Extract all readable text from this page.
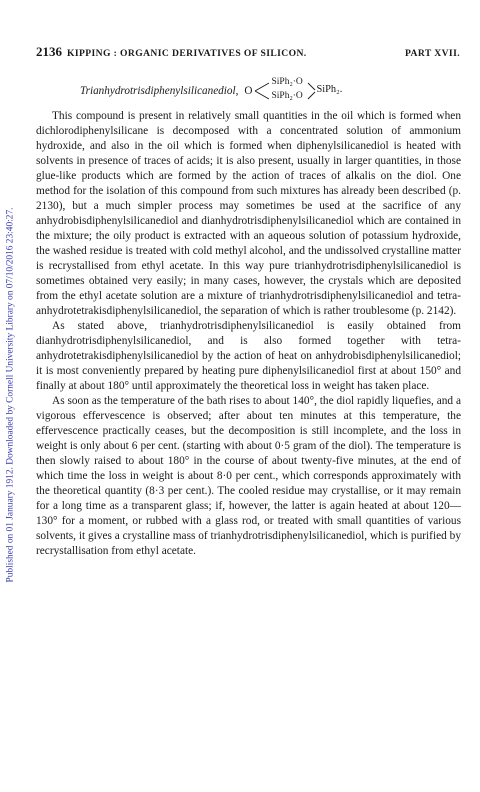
Published on 01 January 1912. Downloaded by Cornell University Library on 07/10/2016 23:40:27.
2136 KIPPING : ORGANIC DERIVATIVES OF SILICON.	PART XVII.
Trianhydrotrisdiphenylsilicanediol, O
SiPh₂·O
SiPh₂·O
SiPh₂.

This compound is present in relatively small quantities in the oil which is formed when dichlorodiphenylsilicane is decomposed with a concentrated solution of ammonium hydroxide, and also in the oil which is formed when diphenylsilicanediol is heated with solvents in presence of traces of acids; it is also present, usually in larger quantities, in those glue-like products which are formed by the action of traces of alkalis on the diol. One method for the isolation of this compound from such mixtures has already been described (p. 2130), but a much simpler process may sometimes be used at the sacrifice of any anhydrobisdiphenylsilicanediol and dianhydrotrisdiphenylsilicanediol which are contained in the mixture; the oily product is extracted with an aqueous solution of potassium hydroxide, the washed residue is treated with cold methyl alcohol, and the undissolved crystalline matter is recrystallised from ethyl acetate. In this way pure trianhydrotrisdiphenylsilicanediol is sometimes obtained very easily; in many cases, however, the crystals which are deposited from the ethyl acetate solution are a mixture of trianhydrotrisdiphenylsilicanediol and tetra-anhydrotetrakisdiphenylsilicanediol, the separation of which is rather troublesome (p. 2142).

As stated above, trianhydrotrisdiphenylsilicanediol is easily obtained from dianhydrotrisdiphenylsilicanediol, and is also formed together with tetra-anhydrotetrakisdiphenylsilicanediol by the action of heat on anhydrobisdiphenylsilicanediol; it is most conveniently prepared by heating pure diphenylsilicanediol first at about 150° and finally at about 180° until approximately the theoretical loss in weight has taken place.

As soon as the temperature of the bath rises to about 140°, the diol rapidly liquefies, and a vigorous effervescence is observed; after about ten minutes at this temperature, the effervescence practically ceases, but the decomposition is still incomplete, and the loss in weight is only about 6 per cent. (starting with about 0·5 gram of the diol). The temperature is then slowly raised to about 180° in the course of about twenty-five minutes, at the end of which time the loss in weight is about 8·0 per cent., which corresponds approximately with the theoretical quantity (8·3 per cent.). The cooled residue may crystallise, or it may remain for a long time as a transparent glass; if, however, the latter is again heated at about 120—130° for a moment, or rubbed with a glass rod, or treated with small quantities of various solvents, it gives a crystalline mass of trianhydrotrisdiphenylsilicanediol, which is purified by recrystallisation from ethyl acetate.
